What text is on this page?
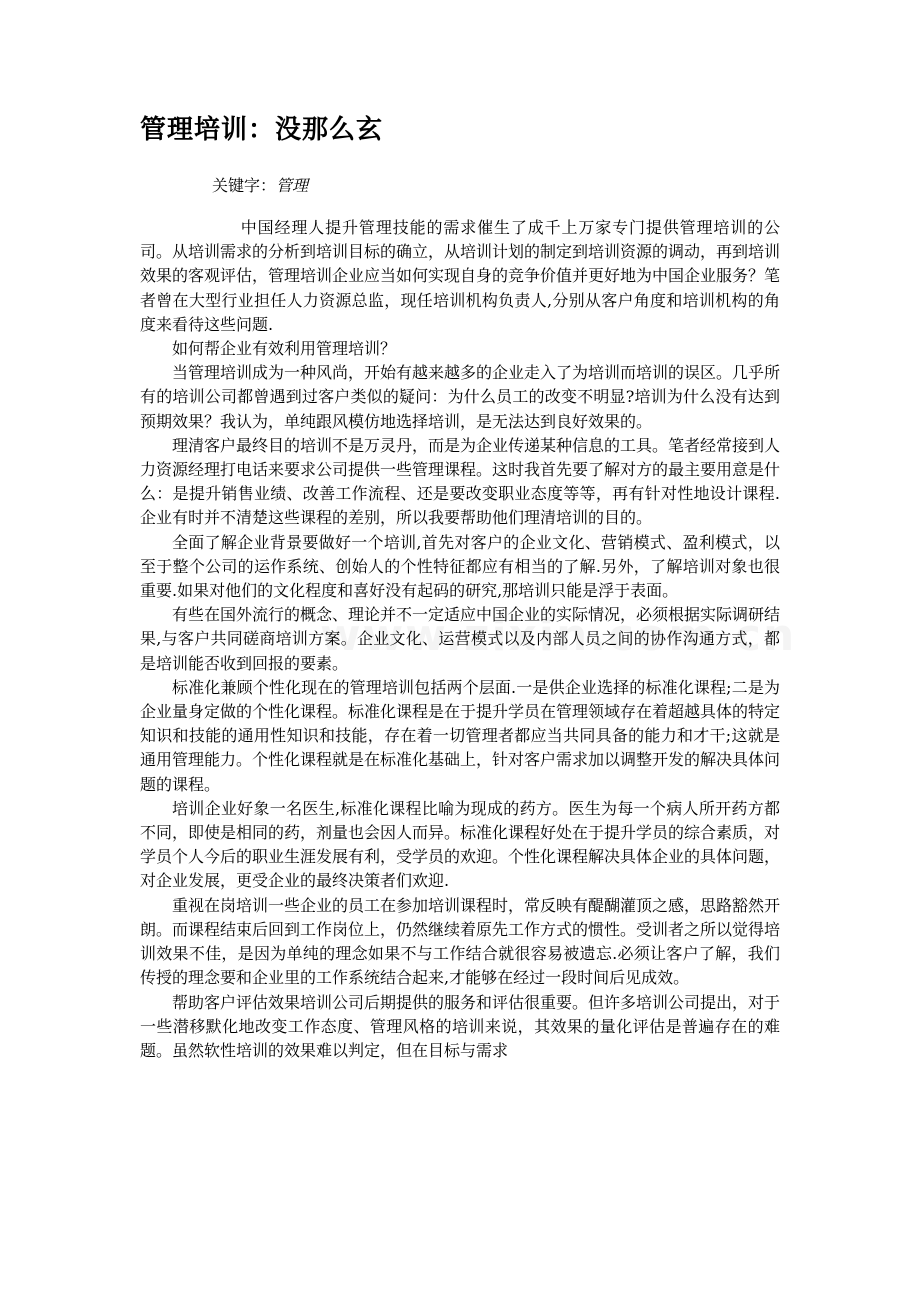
管理培训：没那么玄
关键字：管理

中国经理人提升管理技能的需求催生了成千上万家专门提供管理培训的公司。从培训需求的分析到培训目标的确立，从培训计划的制定到培训资源的调动，再到培训效果的客观评估，管理培训企业应当如何实现自身的竞争价值并更好地为中国企业服务？笔者曾在大型行业担任人力资源总监，现任培训机构负责人,分别从客户角度和培训机构的角度来看待这些问题.

如何帮企业有效利用管理培训？

当管理培训成为一种风尚，开始有越来越多的企业走入了为培训而培训的误区。几乎所有的培训公司都曾遇到过客户类似的疑问：为什么员工的改变不明显?培训为什么没有达到预期效果？我认为，单纯跟风模仿地选择培训，是无法达到良好效果的。

理清客户最终目的培训不是万灵丹，而是为企业传递某种信息的工具。笔者经常接到人力资源经理打电话来要求公司提供一些管理课程。这时我首先要了解对方的最主要用意是什么：是提升销售业绩、改善工作流程、还是要改变职业态度等等，再有针对性地设计课程.企业有时并不清楚这些课程的差别，所以我要帮助他们理清培训的目的。

全面了解企业背景要做好一个培训,首先对客户的企业文化、营销模式、盈利模式，以至于整个公司的运作系统、创始人的个性特征都应有相当的了解.另外，了解培训对象也很重要.如果对他们的文化程度和喜好没有起码的研究,那培训只能是浮于表面。

有些在国外流行的概念、理论并不一定适应中国企业的实际情况，必须根据实际调研结果,与客户共同磋商培训方案。企业文化、运营模式以及内部人员之间的协作沟通方式，都是培训能否收到回报的要素。

标准化兼顾个性化现在的管理培训包括两个层面.一是供企业选择的标准化课程;二是为企业量身定做的个性化课程。标准化课程是在于提升学员在管理领域存在着超越具体的特定知识和技能的通用性知识和技能，存在着一切管理者都应当共同具备的能力和才干;这就是通用管理能力。个性化课程就是在标准化基础上，针对客户需求加以调整开发的解决具体问题的课程。

培训企业好象一名医生,标准化课程比喻为现成的药方。医生为每一个病人所开药方都不同，即使是相同的药，剂量也会因人而异。标准化课程好处在于提升学员的综合素质，对学员个人今后的职业生涯发展有利，受学员的欢迎。个性化课程解决具体企业的具体问题，对企业发展，更受企业的最终决策者们欢迎.

重视在岗培训一些企业的员工在参加培训课程时，常反映有醍醐灌顶之感，思路豁然开朗。而课程结束后回到工作岗位上，仍然继续着原先工作方式的惯性。受训者之所以觉得培训效果不佳，是因为单纯的理念如果不与工作结合就很容易被遗忘.必须让客户了解，我们传授的理念要和企业里的工作系统结合起来,才能够在经过一段时间后见成效。

帮助客户评估效果培训公司后期提供的服务和评估很重要。但许多培训公司提出，对于一些潜移默化地改变工作态度、管理风格的培训来说，其效果的量化评估是普遍存在的难题。虽然软性培训的效果难以判定，但在目标与需求
